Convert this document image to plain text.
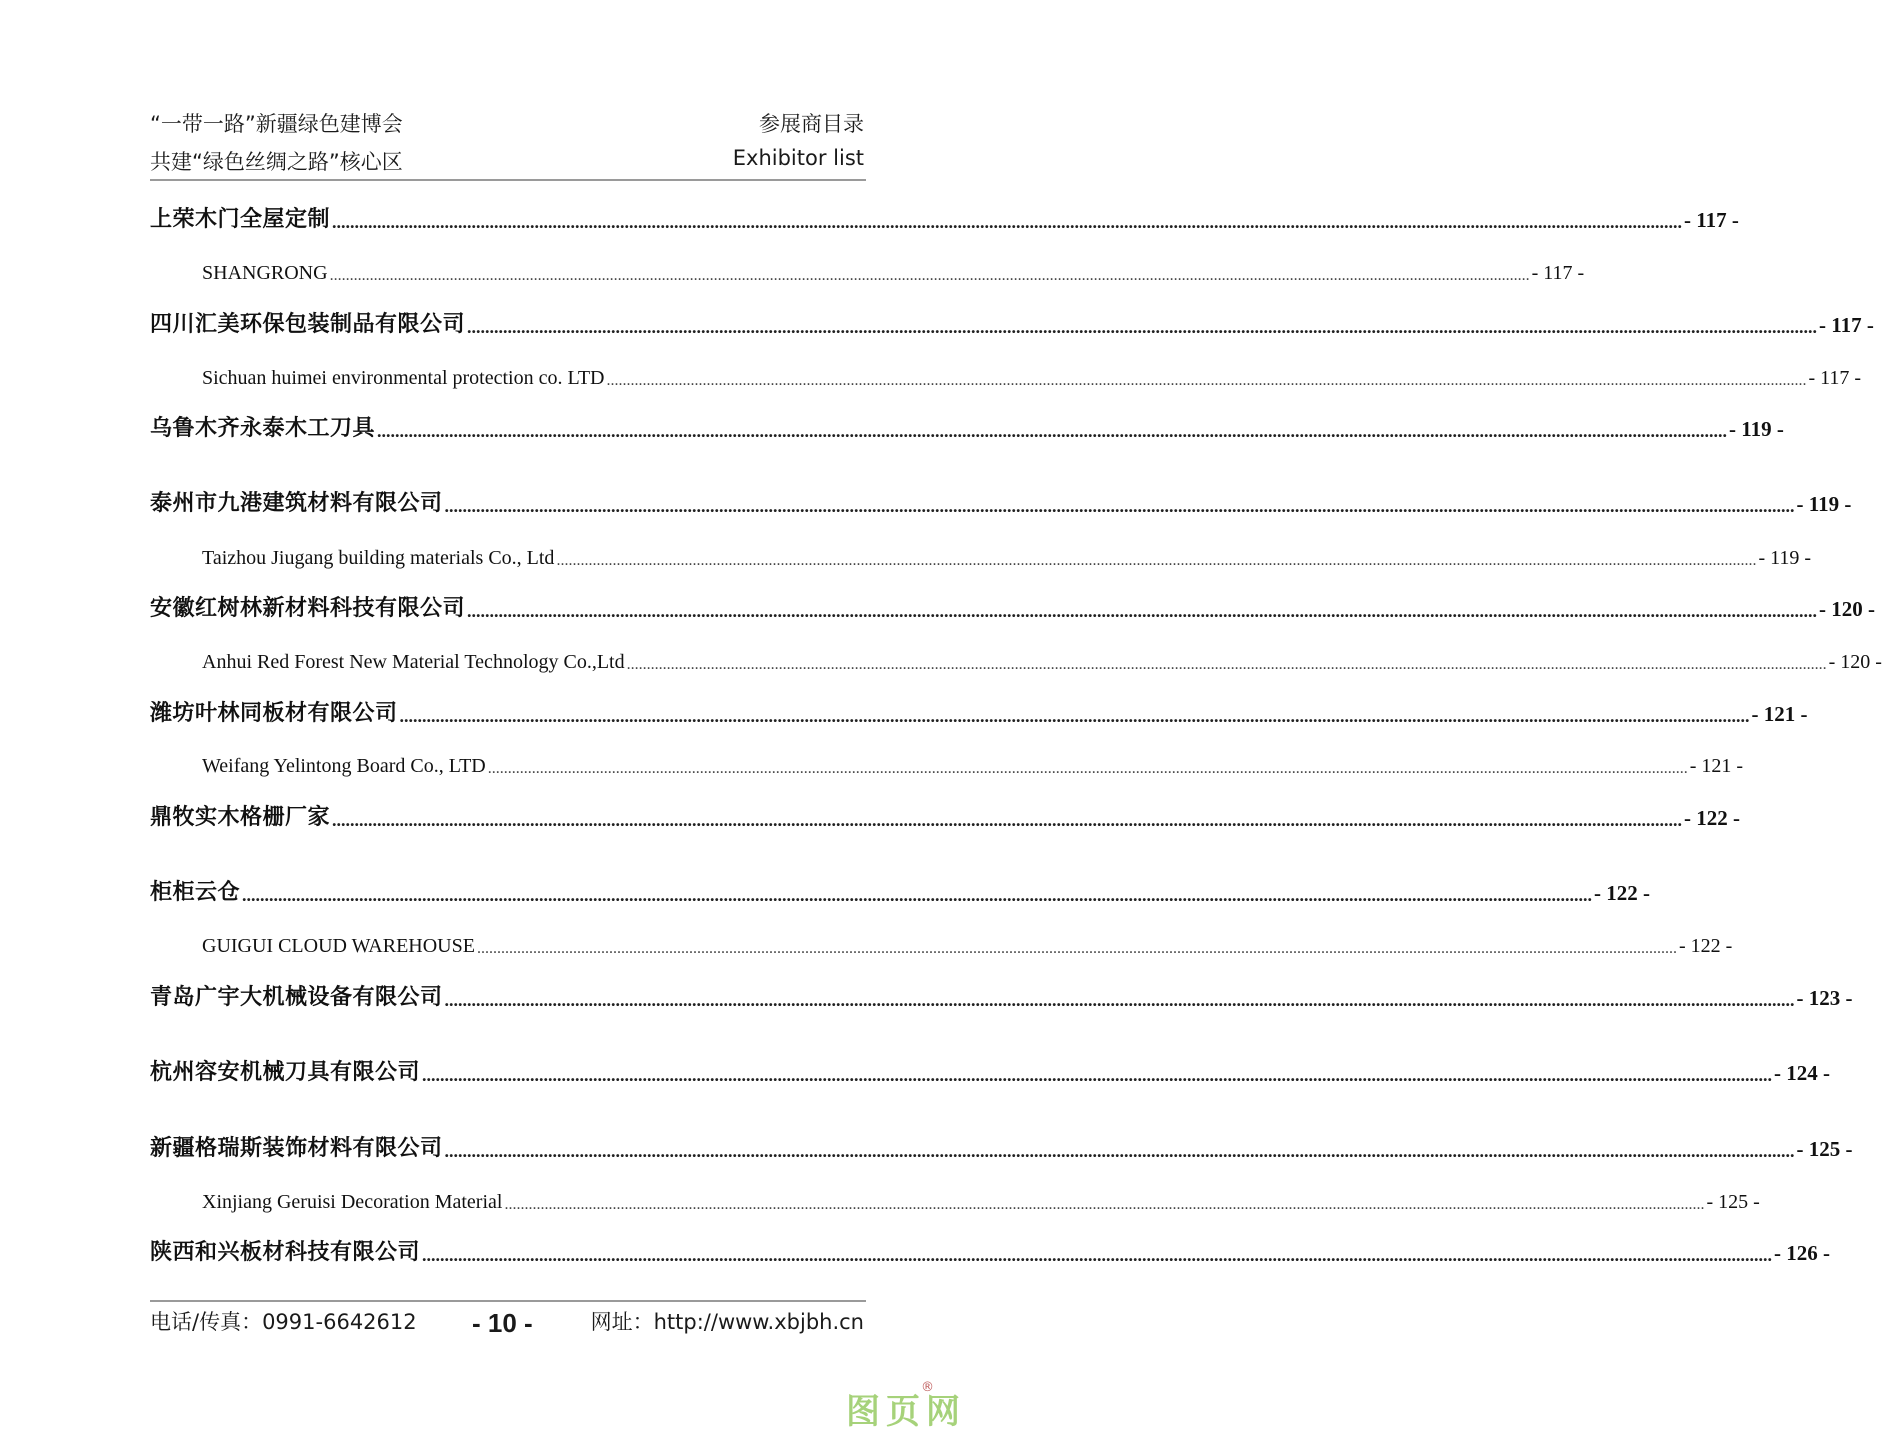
“一带一路”新疆绿色建博会
共建“绿色丝绸之路”核心区
参展商目录
Exhibitor list
上荣木门全屋定制 ............................................................................................................................................................................................................................................................................................................ - 117 -
SHANGRONG ............................................................................................................................................................................................................................................................................................................ - 117 -
四川汇美环保包装制品有限公司 ............................................................................................................................................................................................................................................................................................................ - 117 -
Sichuan huimei environmental protection co. LTD ............................................................................................................................................................................................................................................................................................................ - 117 -
乌鲁木齐永泰木工刀具 ............................................................................................................................................................................................................................................................................................................ - 119 -
泰州市九港建筑材料有限公司 ............................................................................................................................................................................................................................................................................................................ - 119 -
Taizhou Jiugang building materials Co., Ltd ............................................................................................................................................................................................................................................................................................................ - 119 -
安徽红树林新材料科技有限公司 ............................................................................................................................................................................................................................................................................................................ - 120 -
Anhui Red Forest New Material Technology Co.,Ltd ............................................................................................................................................................................................................................................................................................................ - 120 -
潍坊叶林同板材有限公司 ............................................................................................................................................................................................................................................................................................................ - 121 -
Weifang Yelintong Board Co., LTD ............................................................................................................................................................................................................................................................................................................ - 121 -
鼎牧实木格栅厂家 ............................................................................................................................................................................................................................................................................................................ - 122 -
柜柜云仓 ............................................................................................................................................................................................................................................................................................................ - 122 -
GUIGUI CLOUD WAREHOUSE ............................................................................................................................................................................................................................................................................................................ - 122 -
青岛广宇大机械设备有限公司 ............................................................................................................................................................................................................................................................................................................ - 123 -
杭州容安机械刀具有限公司 ............................................................................................................................................................................................................................................................................................................ - 124 -
新疆格瑞斯装饰材料有限公司 ............................................................................................................................................................................................................................................................................................................ - 125 -
Xinjiang Geruisi Decoration Material ............................................................................................................................................................................................................................................................................................................ - 125 -
陕西和兴板材科技有限公司 ............................................................................................................................................................................................................................................................................................................ - 126 -
电话/传真：0991-6642612 - 10 -	网址：http://www.xbjbh.cn
图页网
®
